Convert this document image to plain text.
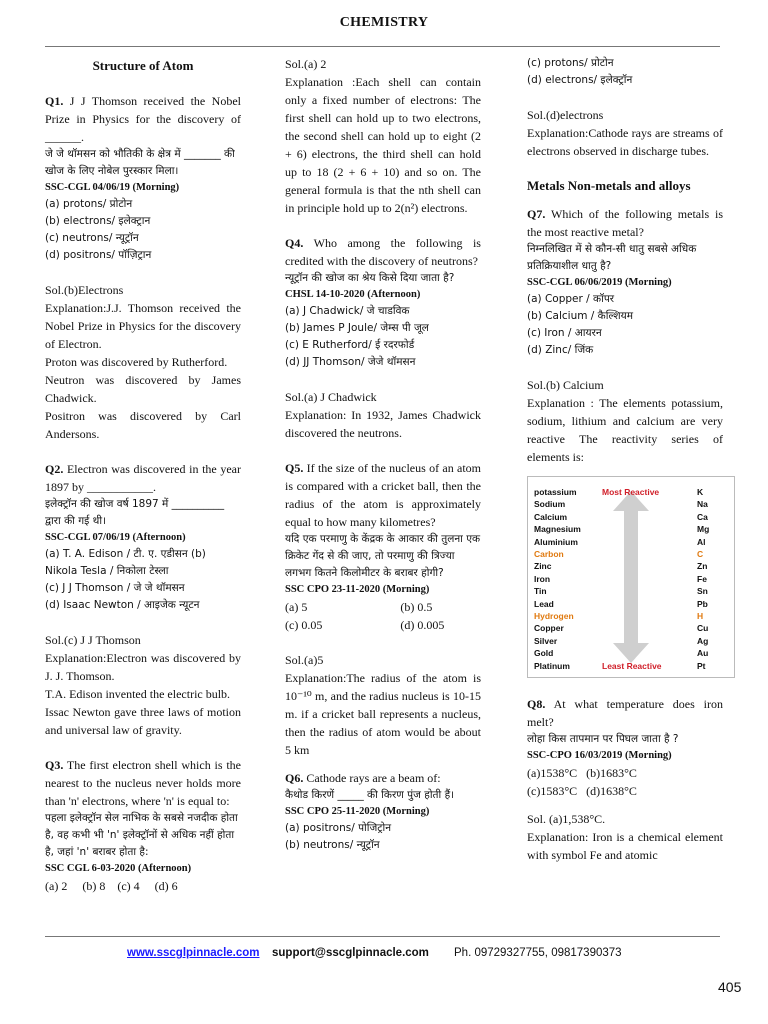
CHEMISTRY

Structure of Atom

Q1. J J Thomson received the Nobel Prize in Physics for the discovery of ______.

जे जे थॉमसन को भौतिकी के क्षेत्र में _______ की खोज के लिए नोबेल पुरस्कार मिला।

SSC-CGL 04/06/19 (Morning)

(a) protons/ प्रोटोन

(b) electrons/ इलेक्ट्रान

(c) neutrons/ न्यूट्रॉन

(d) positrons/ पॉज़िट्रान

Sol.(b)Electrons

Explanation:J.J. Thomson received the Nobel Prize in Physics for the discovery of Electron.

Proton was discovered by Rutherford.

Neutron was discovered by James Chadwick.

Positron was discovered by Carl Andersons.

Q2. Electron was discovered in the year 1897 by ___________.

इलेक्ट्रॉन की खोज वर्ष 1897 में __________ द्वारा की गई थी।

SSC-CGL 07/06/19 (Afternoon)

(a) T. A. Edison / टी. ए. एडीसन (b) Nikola Tesla / निकोला टेस्ला

(c) J J Thomson / जे जे थॉमसन

(d) Isaac Newton / आइजेक न्यूटन

Sol.(c) J J Thomson

Explanation:Electron was discovered by J. J. Thomson.

T.A. Edison invented the electric bulb.

Issac Newton gave three laws of motion and universal law of gravity.

Q3. The first electron shell which is the nearest to the nucleus never holds more than 'n' electrons, where 'n' is equal to:

पहला इलेक्ट्रॉन सेल नाभिक के सबसे नजदीक होता है, वह कभी भी 'n' इलेक्ट्रॉनों से अधिक नहीं होता है, जहां 'n' बराबर होता है:

SSC CGL 6-03-2020 (Afternoon)

(a) 2 (b) 8 (c) 4 (d) 6

Sol.(a) 2

Explanation :Each shell can contain only a fixed number of electrons: The first shell can hold up to two electrons, the second shell can hold up to eight (2 + 6) electrons, the third shell can hold up to 18 (2 + 6 + 10) and so on. The general formula is that the nth shell can in principle hold up to 2(n²) electrons.

Q4. Who among the following is credited with the discovery of neutrons?

न्यूट्रॉन की खोज का श्रेय किसे दिया जाता है?

CHSL 14-10-2020 (Afternoon)

(a) J Chadwick/ जे चाडविक

(b) James P Joule/ जेम्स पी जूल

(c) E Rutherford/ ई रदरफोर्ड

(d) JJ Thomson/ जेजे थॉमसन

Sol.(a) J Chadwick

Explanation: In 1932, James Chadwick discovered the neutrons.

Q5. If the size of the nucleus of an atom is compared with a cricket ball, then the radius of the atom is approximately equal to how many kilometres?

यदि एक परमाणु के केंद्रक के आकार की तुलना एक क्रिकेट गेंद से की जाए, तो परमाणु की त्रिज्या लगभग कितने किलोमीटर के बराबर होगी?

SSC CPO 23-11-2020 (Morning)

(a) 5	(b) 0.5
(c) 0.05	(d) 0.005

Sol.(a)5

Explanation:The radius of the atom is 10⁻¹⁰ m, and the radius nucleus is 10-15 m. if a cricket ball represents a nucleus, then the radius of atom would be about 5 km

Q6. Cathode rays are a beam of:

कैथोड किरणें _____ की किरण पुंज होती हैं।

SSC CPO 25-11-2020 (Morning)

(a) positrons/ पोजिट्रोन

(b) neutrons/ न्यूट्रॉन

(c) protons/ प्रोटोन

(d) electrons/ इलेक्ट्रॉन

Sol.(d)electrons

Explanation:Cathode rays are streams of electrons observed in discharge tubes.

Metals Non-metals and alloys

Q7. Which of the following metals is the most reactive metal?

निम्नलिखित में से कौन-सी धातु सबसे अधिक प्रतिक्रियाशील धातु है?

SSC-CGL 06/06/2019 (Morning)

(a) Copper / कॉपर

(b) Calcium / कैल्शियम

(c) Iron / आयरन

(d) Zinc/ जिंक

Sol.(b) Calcium

Explanation : The elements potassium, sodium, lithium and calcium are very reactive The reactivity series of elements is:

potassium	K
Most Reactive
Sodium	Na
Calcium	Ca
Magnesium	Mg
Aluminium	Al
Carbon	C
Zinc	Zn
Iron	Fe
Tin	Sn
Lead	Pb
Hydrogen	H
Copper	Cu
Silver	Ag
Gold	Au
Platinum	Pt
Least Reactive

Q8. At what temperature does iron melt?

लोहा किस तापमान पर पिघल जाता है ?

SSC-CPO 16/03/2019 (Morning)

(a)1538°C (b)1683°C

(c)1583°C (d)1638°C

Sol. (a)1,538°C.

Explanation: Iron is a chemical element with symbol Fe and atomic

www.sscglpinnacle.com support@sscglpinnacle.com Ph. 09729327755, 09817390373
405
